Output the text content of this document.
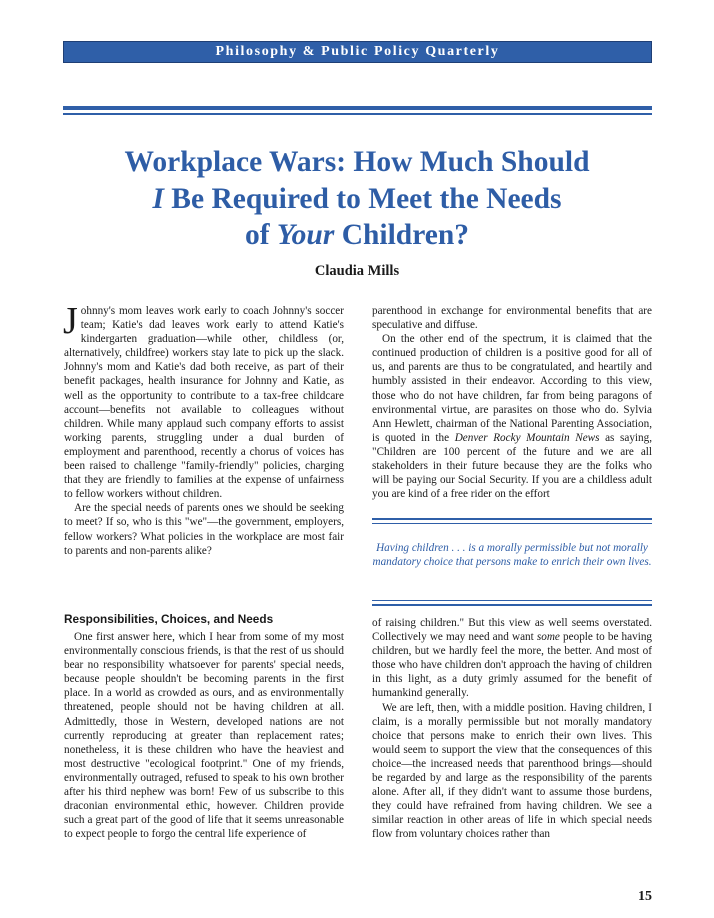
Philosophy & Public Policy Quarterly
Workplace Wars: How Much Should
I Be Required to Meet the Needs
of Your Children?
Claudia Mills

Johnny's mom leaves work early to coach Johnny's soccer team; Katie's dad leaves work early to attend Katie's kindergarten graduation—while other, childless (or, alternatively, childfree) workers stay late to pick up the slack. Johnny's mom and Katie's dad both receive, as part of their benefit packages, health insurance for Johnny and Katie, as well as the opportunity to contribute to a tax-free childcare account—benefits not available to colleagues without children. While many applaud such company efforts to assist working parents, struggling under a dual burden of employment and parenthood, recently a chorus of voices has been raised to challenge "family-friendly" policies, charging that they are friendly to families at the expense of unfairness to fellow workers without children.

Are the special needs of parents ones we should be seeking to meet? If so, who is this "we"—the government, employers, fellow workers? What policies in the workplace are most fair to parents and non-parents alike?

Responsibilities, Choices, and Needs

One first answer here, which I hear from some of my most environmentally conscious friends, is that the rest of us should bear no responsibility whatsoever for parents' special needs, because people shouldn't be becoming parents in the first place. In a world as crowded as ours, and as environmentally threatened, people should not be having children at all. Admittedly, those in Western, developed nations are not currently reproducing at greater than replacement rates; nonetheless, it is these children who have the heaviest and most destructive "ecological footprint." One of my friends, environmentally outraged, refused to speak to his own brother after his third nephew was born! Few of us subscribe to this draconian environmental ethic, however. Children provide such a great part of the good of life that it seems unreasonable to expect people to forgo the central life experience of

parenthood in exchange for environmental benefits that are speculative and diffuse.

On the other end of the spectrum, it is claimed that the continued production of children is a positive good for all of us, and parents are thus to be congratulated, and heartily and humbly assisted in their endeavor. According to this view, those who do not have children, far from being paragons of environmental virtue, are parasites on those who do. Sylvia Ann Hewlett, chairman of the National Parenting Association, is quoted in the Denver Rocky Mountain News as saying, "Children are 100 percent of the future and we are all stakeholders in their future because they are the folks who will be paying our Social Security. If you are a childless adult you are kind of a free rider on the effort

Having children . . . is a morally permissible but not morally mandatory choice that persons make to enrich their own lives.

of raising children." But this view as well seems overstated. Collectively we may need and want some people to be having children, but we hardly feel the more, the better. And most of those who have children don't approach the having of children in this light, as a duty grimly assumed for the benefit of humankind generally.

We are left, then, with a middle position. Having children, I claim, is a morally permissible but not morally mandatory choice that persons make to enrich their own lives. This would seem to support the view that the consequences of this choice—the increased needs that parenthood brings—should be regarded by and large as the responsibility of the parents alone. After all, if they didn't want to assume those burdens, they could have refrained from having children. We see a similar reaction in other areas of life in which special needs flow from voluntary choices rather than

15
